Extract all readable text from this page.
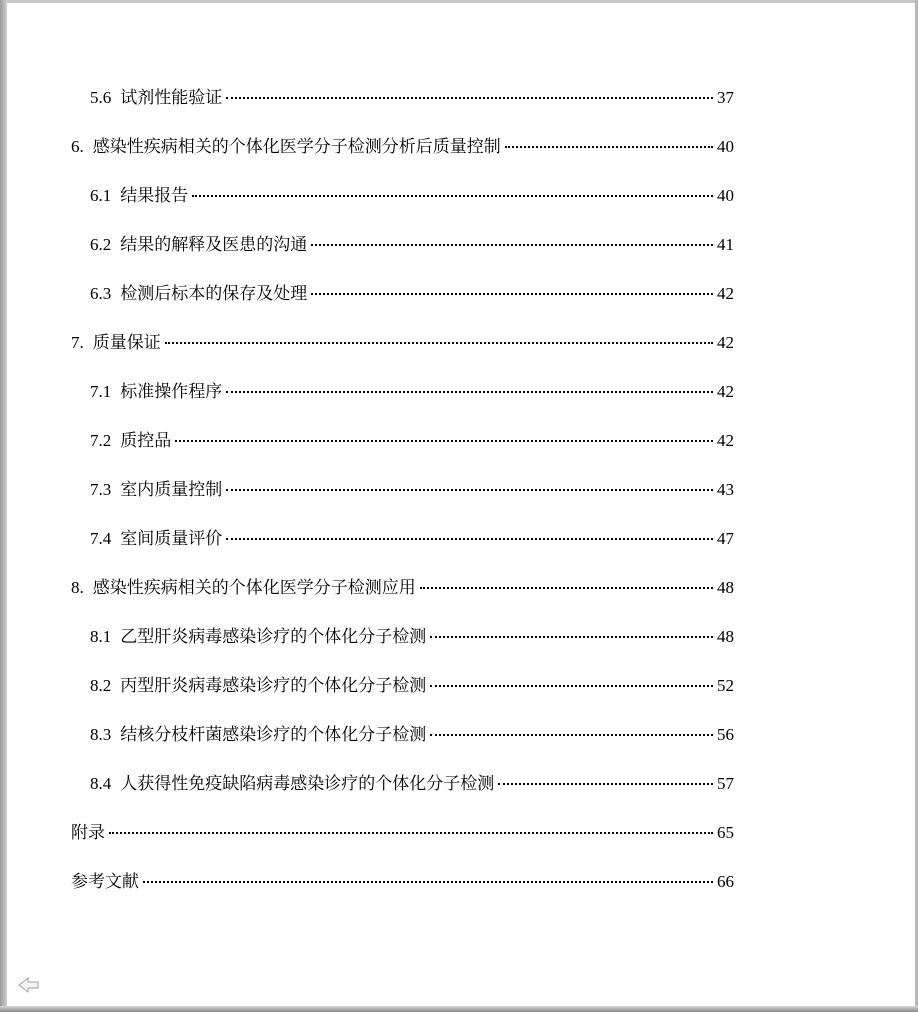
5.6 试剂性能验证	37
6. 感染性疾病相关的个体化医学分子检测分析后质量控制	40
6.1 结果报告	40
6.2 结果的解释及医患的沟通	41
6.3 检测后标本的保存及处理	42
7. 质量保证	42
7.1 标准操作程序	42
7.2 质控品	42
7.3 室内质量控制	43
7.4 室间质量评价	47
8. 感染性疾病相关的个体化医学分子检测应用	48
8.1 乙型肝炎病毒感染诊疗的个体化分子检测	48
8.2 丙型肝炎病毒感染诊疗的个体化分子检测	52
8.3 结核分枝杆菌感染诊疗的个体化分子检测	56
8.4 人获得性免疫缺陷病毒感染诊疗的个体化分子检测	57
附录	65
参考文献	66
